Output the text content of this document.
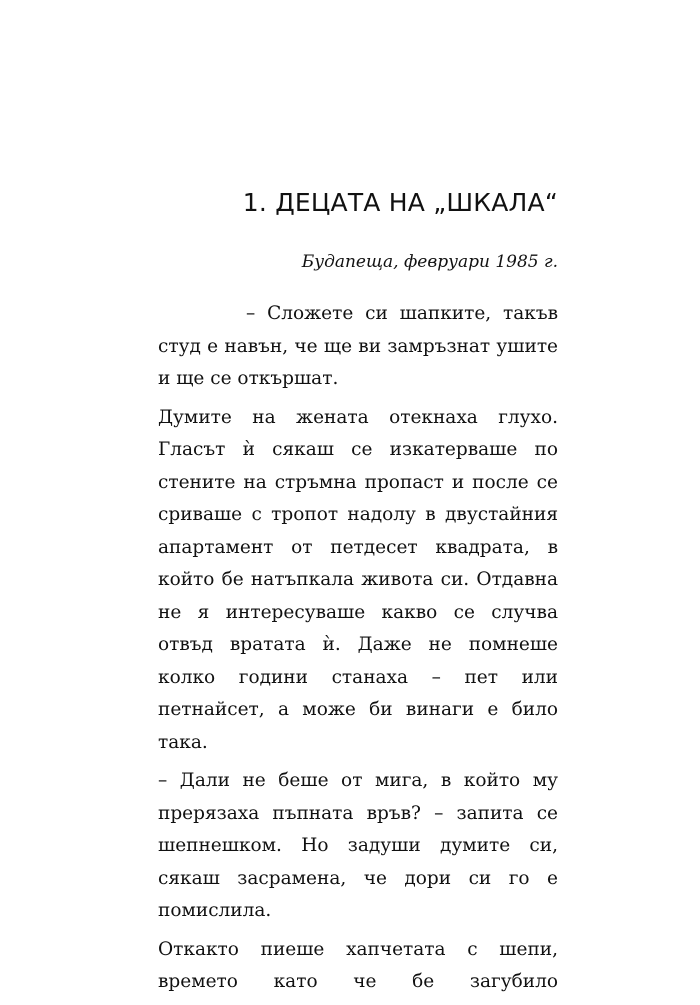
1. ДЕЦАТА НА „ШКАЛА“
Будапеща, февруари 1985 г.

– Сложете си шапките, такъв студ е навън, че ще ви замръзнат ушите и ще се откършат.

Думите на жената отекнаха глухо. Гласът ѝ сякаш се изкатерваше по стените на стръмна пропаст и после се сриваше с тропот надолу в двустайния апартамент от петдесет квадрата, в който бе натъпкала живота си. Отдавна не я интересуваше какво се случва отвъд вратата ѝ. Даже не помнеше колко години станаха – пет или петнайсет, а може би винаги е било така.

– Дали не беше от мига, в който му прерязаха пъпната връв? – запита се шепнешком. Но задуши думите си, сякаш засрамена, че дори си го е помислила.

Откакто пиеше хапчетата с шепи, времето като че бе загубило
